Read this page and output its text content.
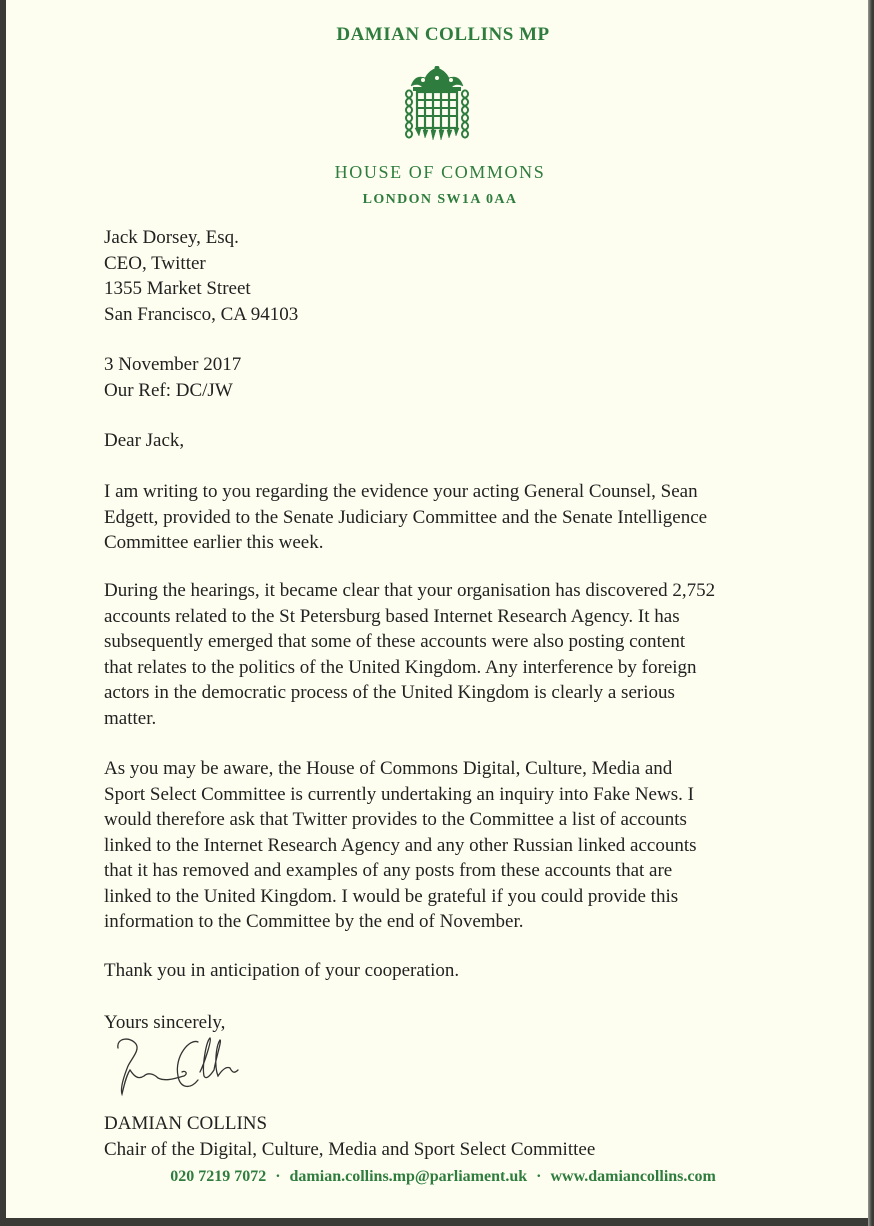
DAMIAN COLLINS MP
HOUSE OF COMMONS
LONDON SW1A 0AA
Jack Dorsey, Esq.
CEO, Twitter
1355 Market Street
San Francisco, CA 94103
3 November 2017
Our Ref: DC/JW
Dear Jack,
I am writing to you regarding the evidence your acting General Counsel, Sean
Edgett, provided to the Senate Judiciary Committee and the Senate Intelligence
Committee earlier this week.
During the hearings, it became clear that your organisation has discovered 2,752
accounts related to the St Petersburg based Internet Research Agency. It has
subsequently emerged that some of these accounts were also posting content
that relates to the politics of the United Kingdom. Any interference by foreign
actors in the democratic process of the United Kingdom is clearly a serious
matter.
As you may be aware, the House of Commons Digital, Culture, Media and
Sport Select Committee is currently undertaking an inquiry into Fake News. I
would therefore ask that Twitter provides to the Committee a list of accounts
linked to the Internet Research Agency and any other Russian linked accounts
that it has removed and examples of any posts from these accounts that are
linked to the United Kingdom. I would be grateful if you could provide this
information to the Committee by the end of November.
Thank you in anticipation of your cooperation.
Yours sincerely,
DAMIAN COLLINS
Chair of the Digital, Culture, Media and Sport Select Committee
020 7219 7072 · damian.collins.mp@parliament.uk · www.damiancollins.com
